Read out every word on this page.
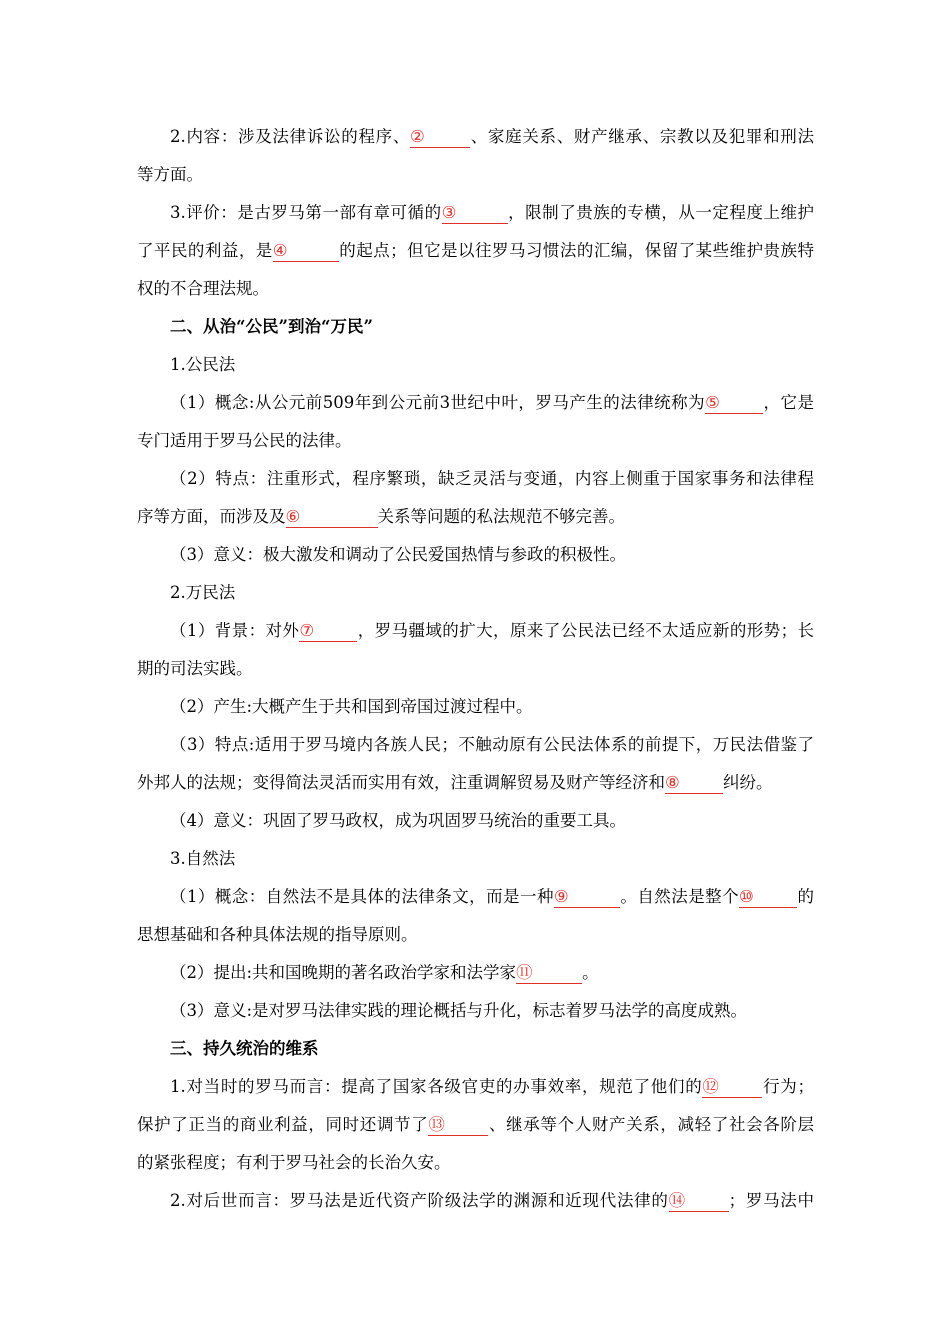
2.内容：涉及法律诉讼的程序、②	、家庭关系、财产继承、宗教以及犯罪和刑法
等方面。
3.评价：是古罗马第一部有章可循的③	，限制了贵族的专横，从一定程度上维护
了平民的利益，是④	的起点；但它是以往罗马习惯法的汇编，保留了某些维护贵族特
权的不合理法规。
二、从治“公民”到治“万民”
1.公民法
（1）概念:从公元前509年到公元前3世纪中叶，罗马产生的法律统称为⑤	，它是
专门适用于罗马公民的法律。
（2）特点：注重形式，程序繁琐，缺乏灵活与变通，内容上侧重于国家事务和法律程
序等方面，而涉及及⑥	关系等问题的私法规范不够完善。
（3）意义：极大激发和调动了公民爱国热情与参政的积极性。
2.万民法
（1）背景：对外⑦	，罗马疆域的扩大，原来了公民法已经不太适应新的形势；长
期的司法实践。
（2）产生:大概产生于共和国到帝国过渡过程中。
（3）特点:适用于罗马境内各族人民；不触动原有公民法体系的前提下，万民法借鉴了
外邦人的法规；变得简法灵活而实用有效，注重调解贸易及财产等经济和⑧	纠纷。
（4）意义：巩固了罗马政权，成为巩固罗马统治的重要工具。
3.自然法
（1）概念：自然法不是具体的法律条文，而是一种⑨	。自然法是整个⑩	的
思想基础和各种具体法规的指导原则。
（2）提出:共和国晚期的著名政治学家和法学家⑪	。
（3）意义:是对罗马法律实践的理论概括与升化，标志着罗马法学的高度成熟。
三、持久统治的维系
1.对当时的罗马而言：提高了国家各级官吏的办事效率，规范了他们的⑫	行为；
保护了正当的商业利益，同时还调节了⑬	、继承等个人财产关系，减轻了社会各阶层
的紧张程度；有利于罗马社会的长治久安。
2.对后世而言：罗马法是近代资产阶级法学的渊源和近现代法律的⑭	；罗马法中
